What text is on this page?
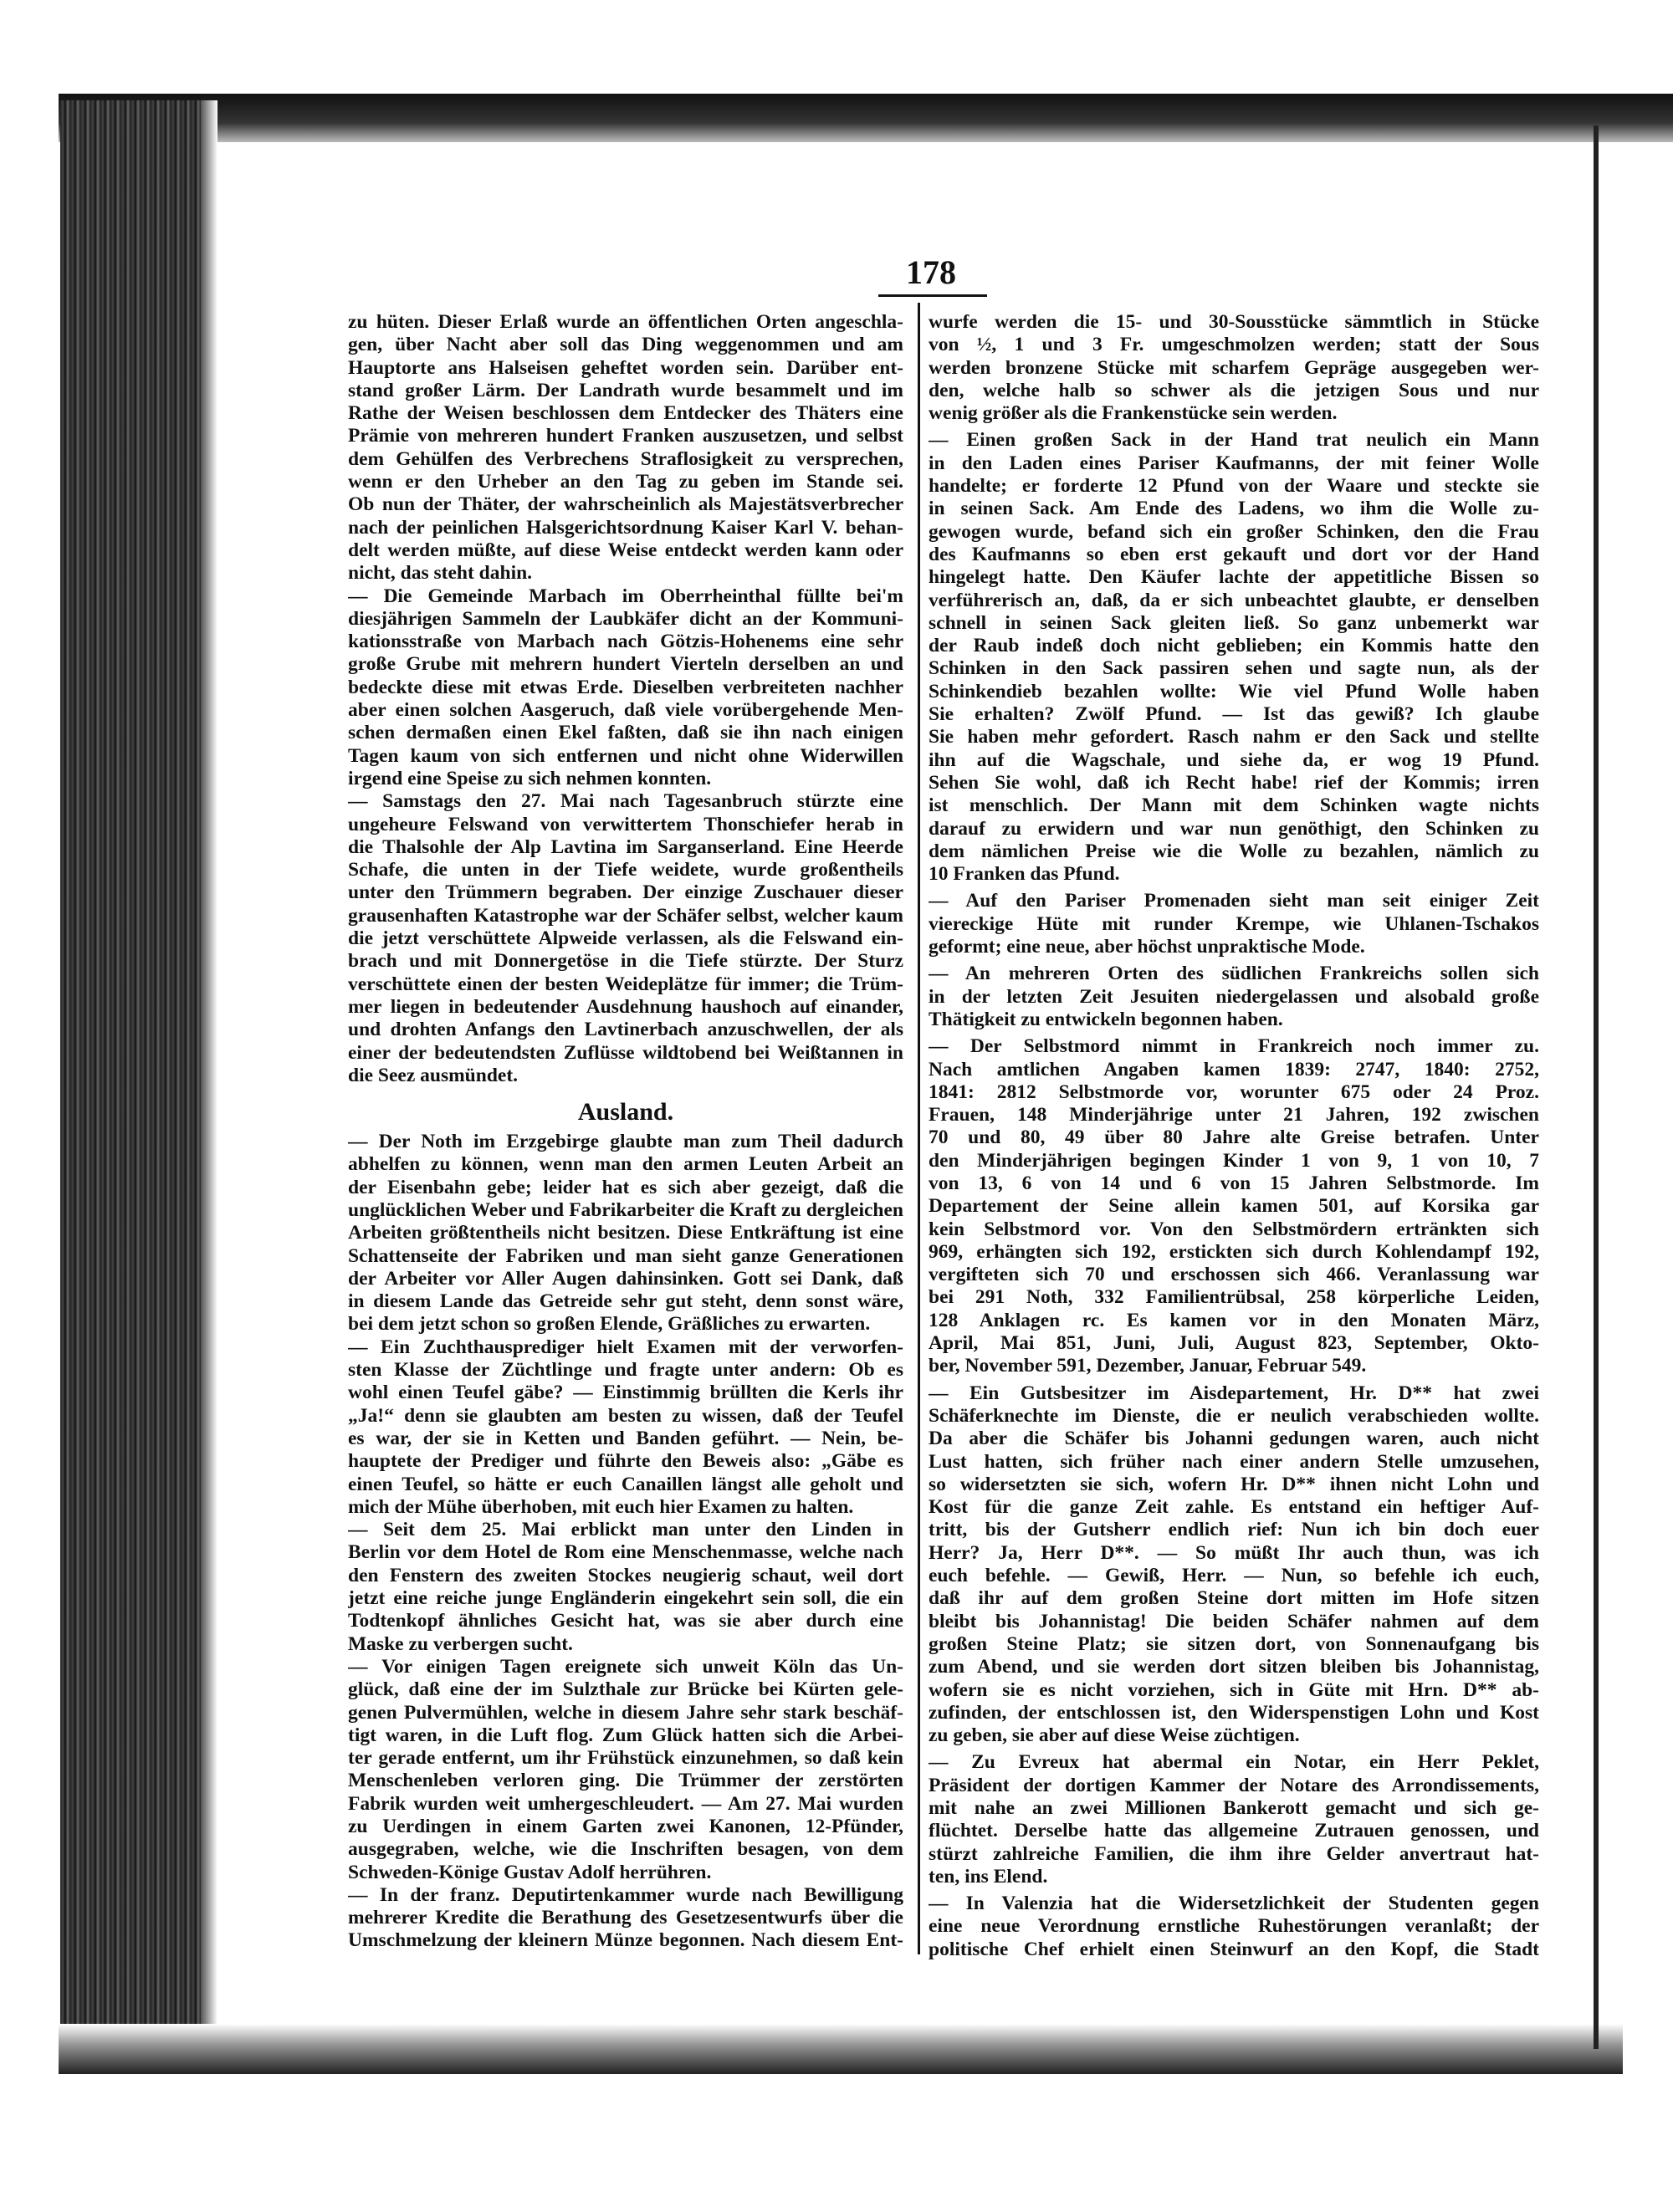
178
zu hüten. Dieser Erlaß wurde an öffentlichen Orten angeschla-
gen, über Nacht aber soll das Ding weggenommen und am
Hauptorte ans Halseisen geheftet worden sein. Darüber ent-
stand großer Lärm. Der Landrath wurde besammelt und im
Rathe der Weisen beschlossen dem Entdecker des Thäters eine
Prämie von mehreren hundert Franken auszusetzen, und selbst
dem Gehülfen des Verbrechens Straflosigkeit zu versprechen,
wenn er den Urheber an den Tag zu geben im Stande sei.
Ob nun der Thäter, der wahrscheinlich als Majestätsverbrecher
nach der peinlichen Halsgerichtsordnung Kaiser Karl V. behan-
delt werden müßte, auf diese Weise entdeckt werden kann oder
nicht, das steht dahin.
— Die Gemeinde Marbach im Oberrheinthal füllte bei'm
diesjährigen Sammeln der Laubkäfer dicht an der Kommuni-
kationsstraße von Marbach nach Götzis-Hohenems eine sehr
große Grube mit mehrern hundert Vierteln derselben an und
bedeckte diese mit etwas Erde. Dieselben verbreiteten nachher
aber einen solchen Aasgeruch, daß viele vorübergehende Men-
schen dermaßen einen Ekel faßten, daß sie ihn nach einigen
Tagen kaum von sich entfernen und nicht ohne Widerwillen
irgend eine Speise zu sich nehmen konnten.
— Samstags den 27. Mai nach Tagesanbruch stürzte eine
ungeheure Felswand von verwittertem Thonschiefer herab in
die Thalsohle der Alp Lavtina im Sarganserland. Eine Heerde
Schafe, die unten in der Tiefe weidete, wurde großentheils
unter den Trümmern begraben. Der einzige Zuschauer dieser
grausenhaften Katastrophe war der Schäfer selbst, welcher kaum
die jetzt verschüttete Alpweide verlassen, als die Felswand ein-
brach und mit Donnergetöse in die Tiefe stürzte. Der Sturz
verschüttete einen der besten Weideplätze für immer; die Trüm-
mer liegen in bedeutender Ausdehnung haushoch auf einander,
und drohten Anfangs den Lavtinerbach anzuschwellen, der als
einer der bedeutendsten Zuflüsse wildtobend bei Weißtannen in
die Seez ausmündet.
Ausland.
— Der Noth im Erzgebirge glaubte man zum Theil dadurch
abhelfen zu können, wenn man den armen Leuten Arbeit an
der Eisenbahn gebe; leider hat es sich aber gezeigt, daß die
unglücklichen Weber und Fabrikarbeiter die Kraft zu dergleichen
Arbeiten größtentheils nicht besitzen. Diese Entkräftung ist eine
Schattenseite der Fabriken und man sieht ganze Generationen
der Arbeiter vor Aller Augen dahinsinken. Gott sei Dank, daß
in diesem Lande das Getreide sehr gut steht, denn sonst wäre,
bei dem jetzt schon so großen Elende, Gräßliches zu erwarten.
— Ein Zuchthausprediger hielt Examen mit der verworfen-
sten Klasse der Züchtlinge und fragte unter andern: Ob es
wohl einen Teufel gäbe? — Einstimmig brüllten die Kerls ihr
„Ja!“ denn sie glaubten am besten zu wissen, daß der Teufel
es war, der sie in Ketten und Banden geführt. — Nein, be-
hauptete der Prediger und führte den Beweis also: „Gäbe es
einen Teufel, so hätte er euch Canaillen längst alle geholt und
mich der Mühe überhoben, mit euch hier Examen zu halten.
— Seit dem 25. Mai erblickt man unter den Linden in
Berlin vor dem Hotel de Rom eine Menschenmasse, welche nach
den Fenstern des zweiten Stockes neugierig schaut, weil dort
jetzt eine reiche junge Engländerin eingekehrt sein soll, die ein
Todtenkopf ähnliches Gesicht hat, was sie aber durch eine
Maske zu verbergen sucht.
— Vor einigen Tagen ereignete sich unweit Köln das Un-
glück, daß eine der im Sulzthale zur Brücke bei Kürten gele-
genen Pulvermühlen, welche in diesem Jahre sehr stark beschäf-
tigt waren, in die Luft flog. Zum Glück hatten sich die Arbei-
ter gerade entfernt, um ihr Frühstück einzunehmen, so daß kein
Menschenleben verloren ging. Die Trümmer der zerstörten
Fabrik wurden weit umhergeschleudert. — Am 27. Mai wurden
zu Uerdingen in einem Garten zwei Kanonen, 12-Pfünder,
ausgegraben, welche, wie die Inschriften besagen, von dem
Schweden-Könige Gustav Adolf herrühren.
— In der franz. Deputirtenkammer wurde nach Bewilligung
mehrerer Kredite die Berathung des Gesetzesentwurfs über die
Umschmelzung der kleinern Münze begonnen. Nach diesem Ent-
wurfe werden die 15- und 30-Sousstücke sämmtlich in Stücke
von ½, 1 und 3 Fr. umgeschmolzen werden; statt der Sous
werden bronzene Stücke mit scharfem Gepräge ausgegeben wer-
den, welche halb so schwer als die jetzigen Sous und nur
wenig größer als die Frankenstücke sein werden.
— Einen großen Sack in der Hand trat neulich ein Mann
in den Laden eines Pariser Kaufmanns, der mit feiner Wolle
handelte; er forderte 12 Pfund von der Waare und steckte sie
in seinen Sack. Am Ende des Ladens, wo ihm die Wolle zu-
gewogen wurde, befand sich ein großer Schinken, den die Frau
des Kaufmanns so eben erst gekauft und dort vor der Hand
hingelegt hatte. Den Käufer lachte der appetitliche Bissen so
verführerisch an, daß, da er sich unbeachtet glaubte, er denselben
schnell in seinen Sack gleiten ließ. So ganz unbemerkt war
der Raub indeß doch nicht geblieben; ein Kommis hatte den
Schinken in den Sack passiren sehen und sagte nun, als der
Schinkendieb bezahlen wollte: Wie viel Pfund Wolle haben
Sie erhalten? Zwölf Pfund. — Ist das gewiß? Ich glaube
Sie haben mehr gefordert. Rasch nahm er den Sack und stellte
ihn auf die Wagschale, und siehe da, er wog 19 Pfund.
Sehen Sie wohl, daß ich Recht habe! rief der Kommis; irren
ist menschlich. Der Mann mit dem Schinken wagte nichts
darauf zu erwidern und war nun genöthigt, den Schinken zu
dem nämlichen Preise wie die Wolle zu bezahlen, nämlich zu
10 Franken das Pfund.
— Auf den Pariser Promenaden sieht man seit einiger Zeit
viereckige Hüte mit runder Krempe, wie Uhlanen-Tschakos
geformt; eine neue, aber höchst unpraktische Mode.
— An mehreren Orten des südlichen Frankreichs sollen sich
in der letzten Zeit Jesuiten niedergelassen und alsobald große
Thätigkeit zu entwickeln begonnen haben.
— Der Selbstmord nimmt in Frankreich noch immer zu.
Nach amtlichen Angaben kamen 1839: 2747, 1840: 2752,
1841: 2812 Selbstmorde vor, worunter 675 oder 24 Proz.
Frauen, 148 Minderjährige unter 21 Jahren, 192 zwischen
70 und 80, 49 über 80 Jahre alte Greise betrafen. Unter
den Minderjährigen begingen Kinder 1 von 9, 1 von 10, 7
von 13, 6 von 14 und 6 von 15 Jahren Selbstmorde. Im
Departement der Seine allein kamen 501, auf Korsika gar
kein Selbstmord vor. Von den Selbstmördern ertränkten sich
969, erhängten sich 192, erstickten sich durch Kohlendampf 192,
vergifteten sich 70 und erschossen sich 466. Veranlassung war
bei 291 Noth, 332 Familientrübsal, 258 körperliche Leiden,
128 Anklagen rc. Es kamen vor in den Monaten März,
April, Mai 851, Juni, Juli, August 823, September, Okto-
ber, November 591, Dezember, Januar, Februar 549.
— Ein Gutsbesitzer im Aisdepartement, Hr. D** hat zwei
Schäferknechte im Dienste, die er neulich verabschieden wollte.
Da aber die Schäfer bis Johanni gedungen waren, auch nicht
Lust hatten, sich früher nach einer andern Stelle umzusehen,
so widersetzten sie sich, wofern Hr. D** ihnen nicht Lohn und
Kost für die ganze Zeit zahle. Es entstand ein heftiger Auf-
tritt, bis der Gutsherr endlich rief: Nun ich bin doch euer
Herr? Ja, Herr D**. — So müßt Ihr auch thun, was ich
euch befehle. — Gewiß, Herr. — Nun, so befehle ich euch,
daß ihr auf dem großen Steine dort mitten im Hofe sitzen
bleibt bis Johannistag! Die beiden Schäfer nahmen auf dem
großen Steine Platz; sie sitzen dort, von Sonnenaufgang bis
zum Abend, und sie werden dort sitzen bleiben bis Johannistag,
wofern sie es nicht vorziehen, sich in Güte mit Hrn. D** ab-
zufinden, der entschlossen ist, den Widerspenstigen Lohn und Kost
zu geben, sie aber auf diese Weise züchtigen.
— Zu Evreux hat abermal ein Notar, ein Herr Peklet,
Präsident der dortigen Kammer der Notare des Arrondissements,
mit nahe an zwei Millionen Bankerott gemacht und sich ge-
flüchtet. Derselbe hatte das allgemeine Zutrauen genossen, und
stürzt zahlreiche Familien, die ihm ihre Gelder anvertraut hat-
ten, ins Elend.
— In Valenzia hat die Widersetzlichkeit der Studenten gegen
eine neue Verordnung ernstliche Ruhestörungen veranlaßt; der
politische Chef erhielt einen Steinwurf an den Kopf, die Stadt
